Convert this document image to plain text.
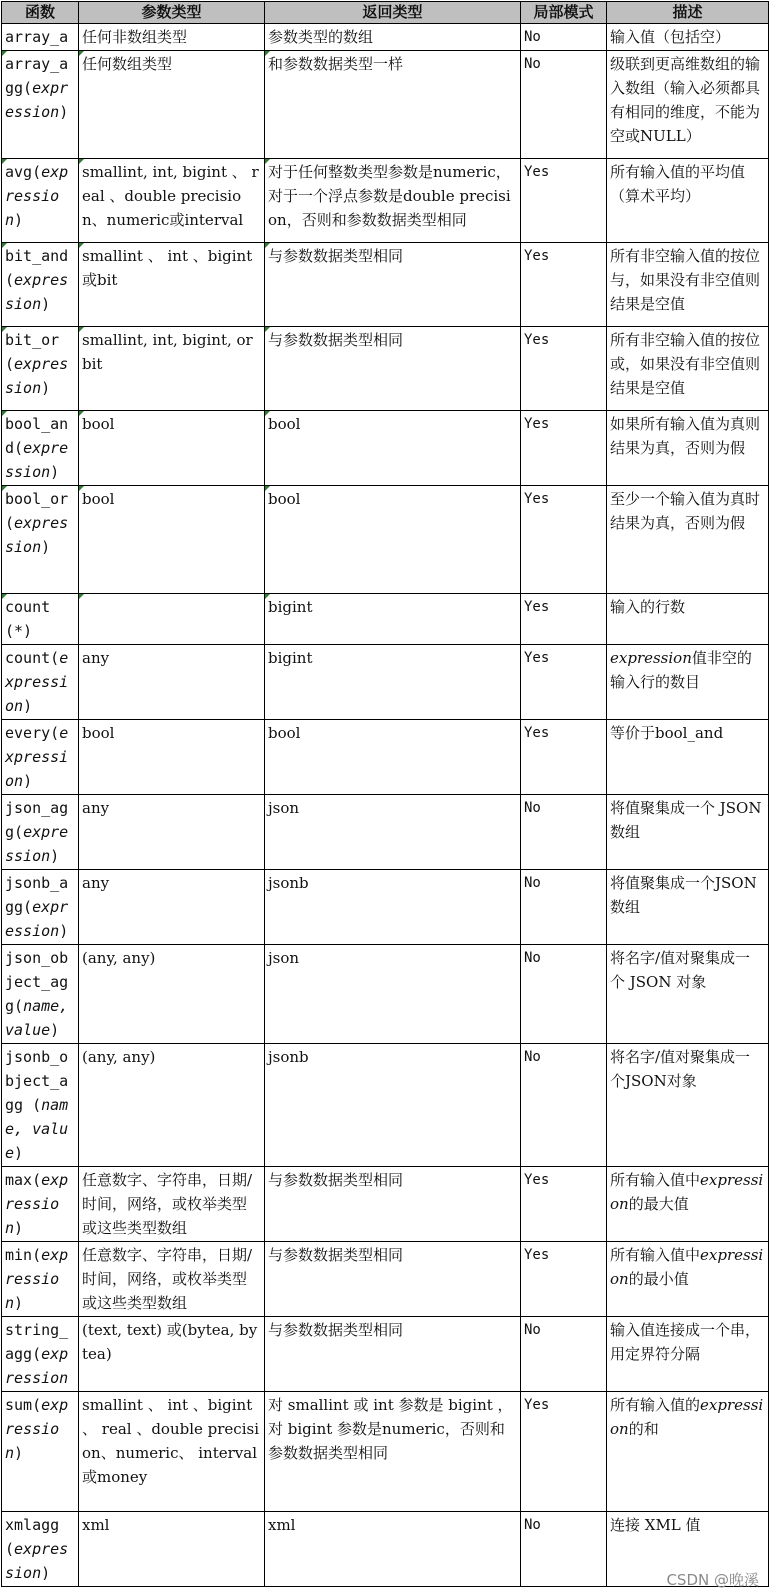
函数	参数类型	返回类型	局部模式	描述
array_a	任何非数组类型	参数类型的数组	No	输入值（包括空）
array_agg(expression)	任何数组类型	和参数数据类型一样	No	级联到更高维数组的输入数组（输入必须都具有相同的维度，不能为空或NULL）
avg(expression)	smallint, int, bigint 、 real 、double precision、numeric或interval	对于任何整数类型参数是numeric，对于一个浮点参数是double precision，否则和参数数据类型相同	Yes	所有输入值的平均值（算术平均）
bit_and(expression)	smallint 、 int 、bigint或bit	与参数数据类型相同	Yes	所有非空输入值的按位与，如果没有非空值则结果是空值
bit_or(expression)	smallint, int, bigint, or bit	与参数数据类型相同	Yes	所有非空输入值的按位或，如果没有非空值则结果是空值
bool_and(expression)	bool	bool	Yes	如果所有输入值为真则结果为真，否则为假
bool_or(expression)	bool	bool	Yes	至少一个输入值为真时结果为真，否则为假
count(*)		bigint	Yes	输入的行数
count(expression)	any	bigint	Yes	expression值非空的输入行的数目
every(expression)	bool	bool	Yes	等价于bool_and
json_agg(expression)	any	json	No	将值聚集成一个 JSON 数组
jsonb_agg(expression)	any	jsonb	No	将值聚集成一个JSON数组
json_object_agg(name, value)	(any, any)	json	No	将名字/值对聚集成一个 JSON 对象
jsonb_object_agg (name, value)	(any, any)	jsonb	No	将名字/值对聚集成一个JSON对象
max(expression)	任意数字、字符串，日期/时间，网络，或枚举类型或这些类型数组	与参数数据类型相同	Yes	所有输入值中expression的最大值
min(expression)	任意数字、字符串，日期/时间，网络，或枚举类型或这些类型数组	与参数数据类型相同	Yes	所有输入值中expression的最小值
string_agg(expression	(text, text) 或(bytea, bytea)	与参数数据类型相同	No	输入值连接成一个串，用定界符分隔
sum(expression)	smallint 、 int 、bigint 、 real 、double precision、numeric、 interval或money	对 smallint 或 int 参数是 bigint ，对 bigint 参数是numeric，否则和参数数据类型相同	Yes	所有输入值的expression的和
xmlagg(expression)	xml	xml	No	连接 XML 值
CSDN @晚溪
